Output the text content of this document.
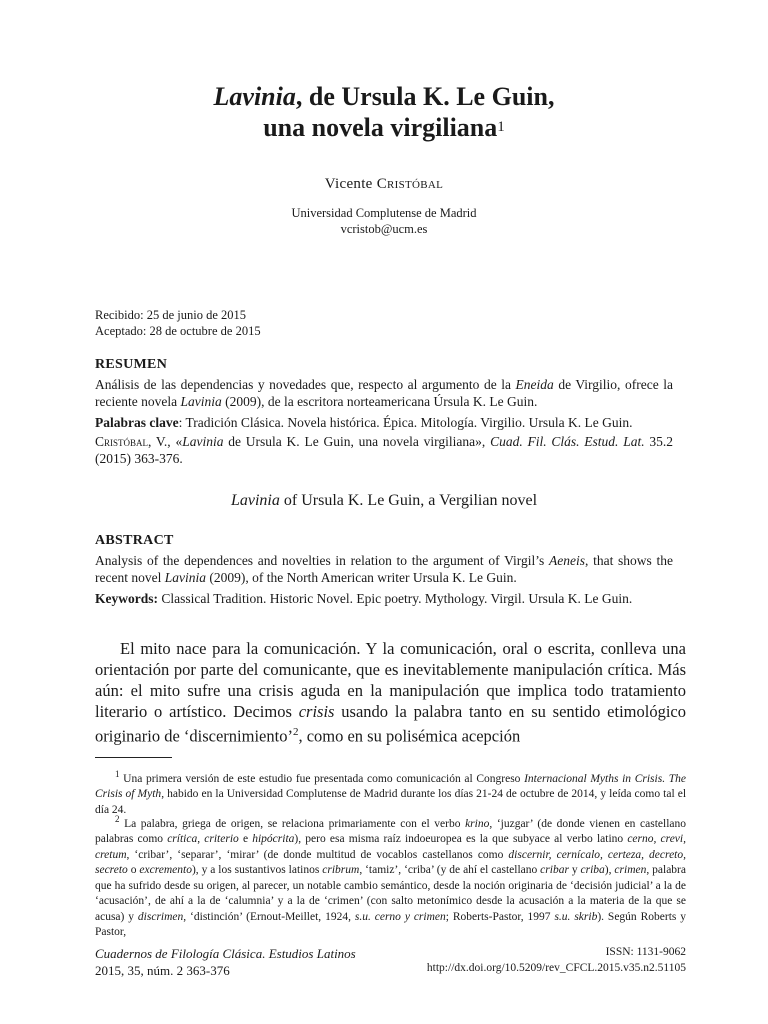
Lavinia, de Ursula K. Le Guin,
una novela virgiliana$^1$
Vicente Cristóbal
Universidad Complutense de Madrid
vcristob@ucm.es
Recibido: 25 de junio de 2015
Aceptado: 28 de octubre de 2015
RESUMEN
Análisis de las dependencias y novedades que, respecto al argumento de la Eneida de Virgilio, ofrece la reciente novela Lavinia (2009), de la escritora norteamericana Úrsula K. Le Guin.
Palabras clave: Tradición Clásica. Novela histórica. Épica. Mitología. Virgilio. Ursula K. Le Guin.
Cristóbal, V., «Lavinia de Ursula K. Le Guin, una novela virgiliana», Cuad. Fil. Clás. Estud. Lat. 35.2 (2015) 363-376.
Lavinia of Ursula K. Le Guin, a Vergilian novel
ABSTRACT
Analysis of the dependences and novelties in relation to the argument of Virgil’s Aeneis, that shows the recent novel Lavinia (2009), of the North American writer Ursula K. Le Guin.
Keywords: Classical Tradition. Historic Novel. Epic poetry. Mythology. Virgil. Ursula K. Le Guin.
El mito nace para la comunicación. Y la comunicación, oral o escrita, conlleva una orientación por parte del comunicante, que es inevitablemente manipulación crítica. Más aún: el mito sufre una crisis aguda en la manipulación que implica todo tratamiento literario o artístico. Decimos crisis usando la palabra tanto en su sentido etimológico originario de ‘discernimiento’$^2$, como en su polisémica acepción
$^1$ Una primera versión de este estudio fue presentada como comunicación al Congreso Internacional Myths in Crisis. The Crisis of Myth, habido en la Universidad Complutense de Madrid durante los días 21-24 de octubre de 2014, y leída como tal el día 24.
$^2$ La palabra, griega de origen, se relaciona primariamente con el verbo krino, ‘juzgar’ (de donde vienen en castellano palabras como crítica, criterio e hipócrita), pero esa misma raíz indoeuropea es la que subyace al verbo latino cerno, crevi, cretum, ‘cribar’, ‘separar’, ‘mirar’ (de donde multitud de vocablos castellanos como discernir, cernícalo, certeza, decreto, secreto o excremento), y a los sustantivos latinos cribrum, ‘tamiz’, ‘criba’ (y de ahí el castellano cribar y criba), crimen, palabra que ha sufrido desde su origen, al parecer, un notable cambio semántico, desde la noción originaria de ‘decisión judicial’ a la de ‘acusación’, de ahí a la de ‘calumnia’ y a la de ‘crimen’ (con salto metonímico desde la acusación a la materia de la que se acusa) y discrimen, ‘distinción’ (Ernout-Meillet, 1924, s.u. cerno y crimen; Roberts-Pastor, 1997 s.u. skrib). Según Roberts y Pastor,
Cuadernos de Filología Clásica. Estudios Latinos
2015, 35, núm. 2 363-376
ISSN: 1131-9062
http://dx.doi.org/10.5209/rev_CFCL.2015.v35.n2.51105
